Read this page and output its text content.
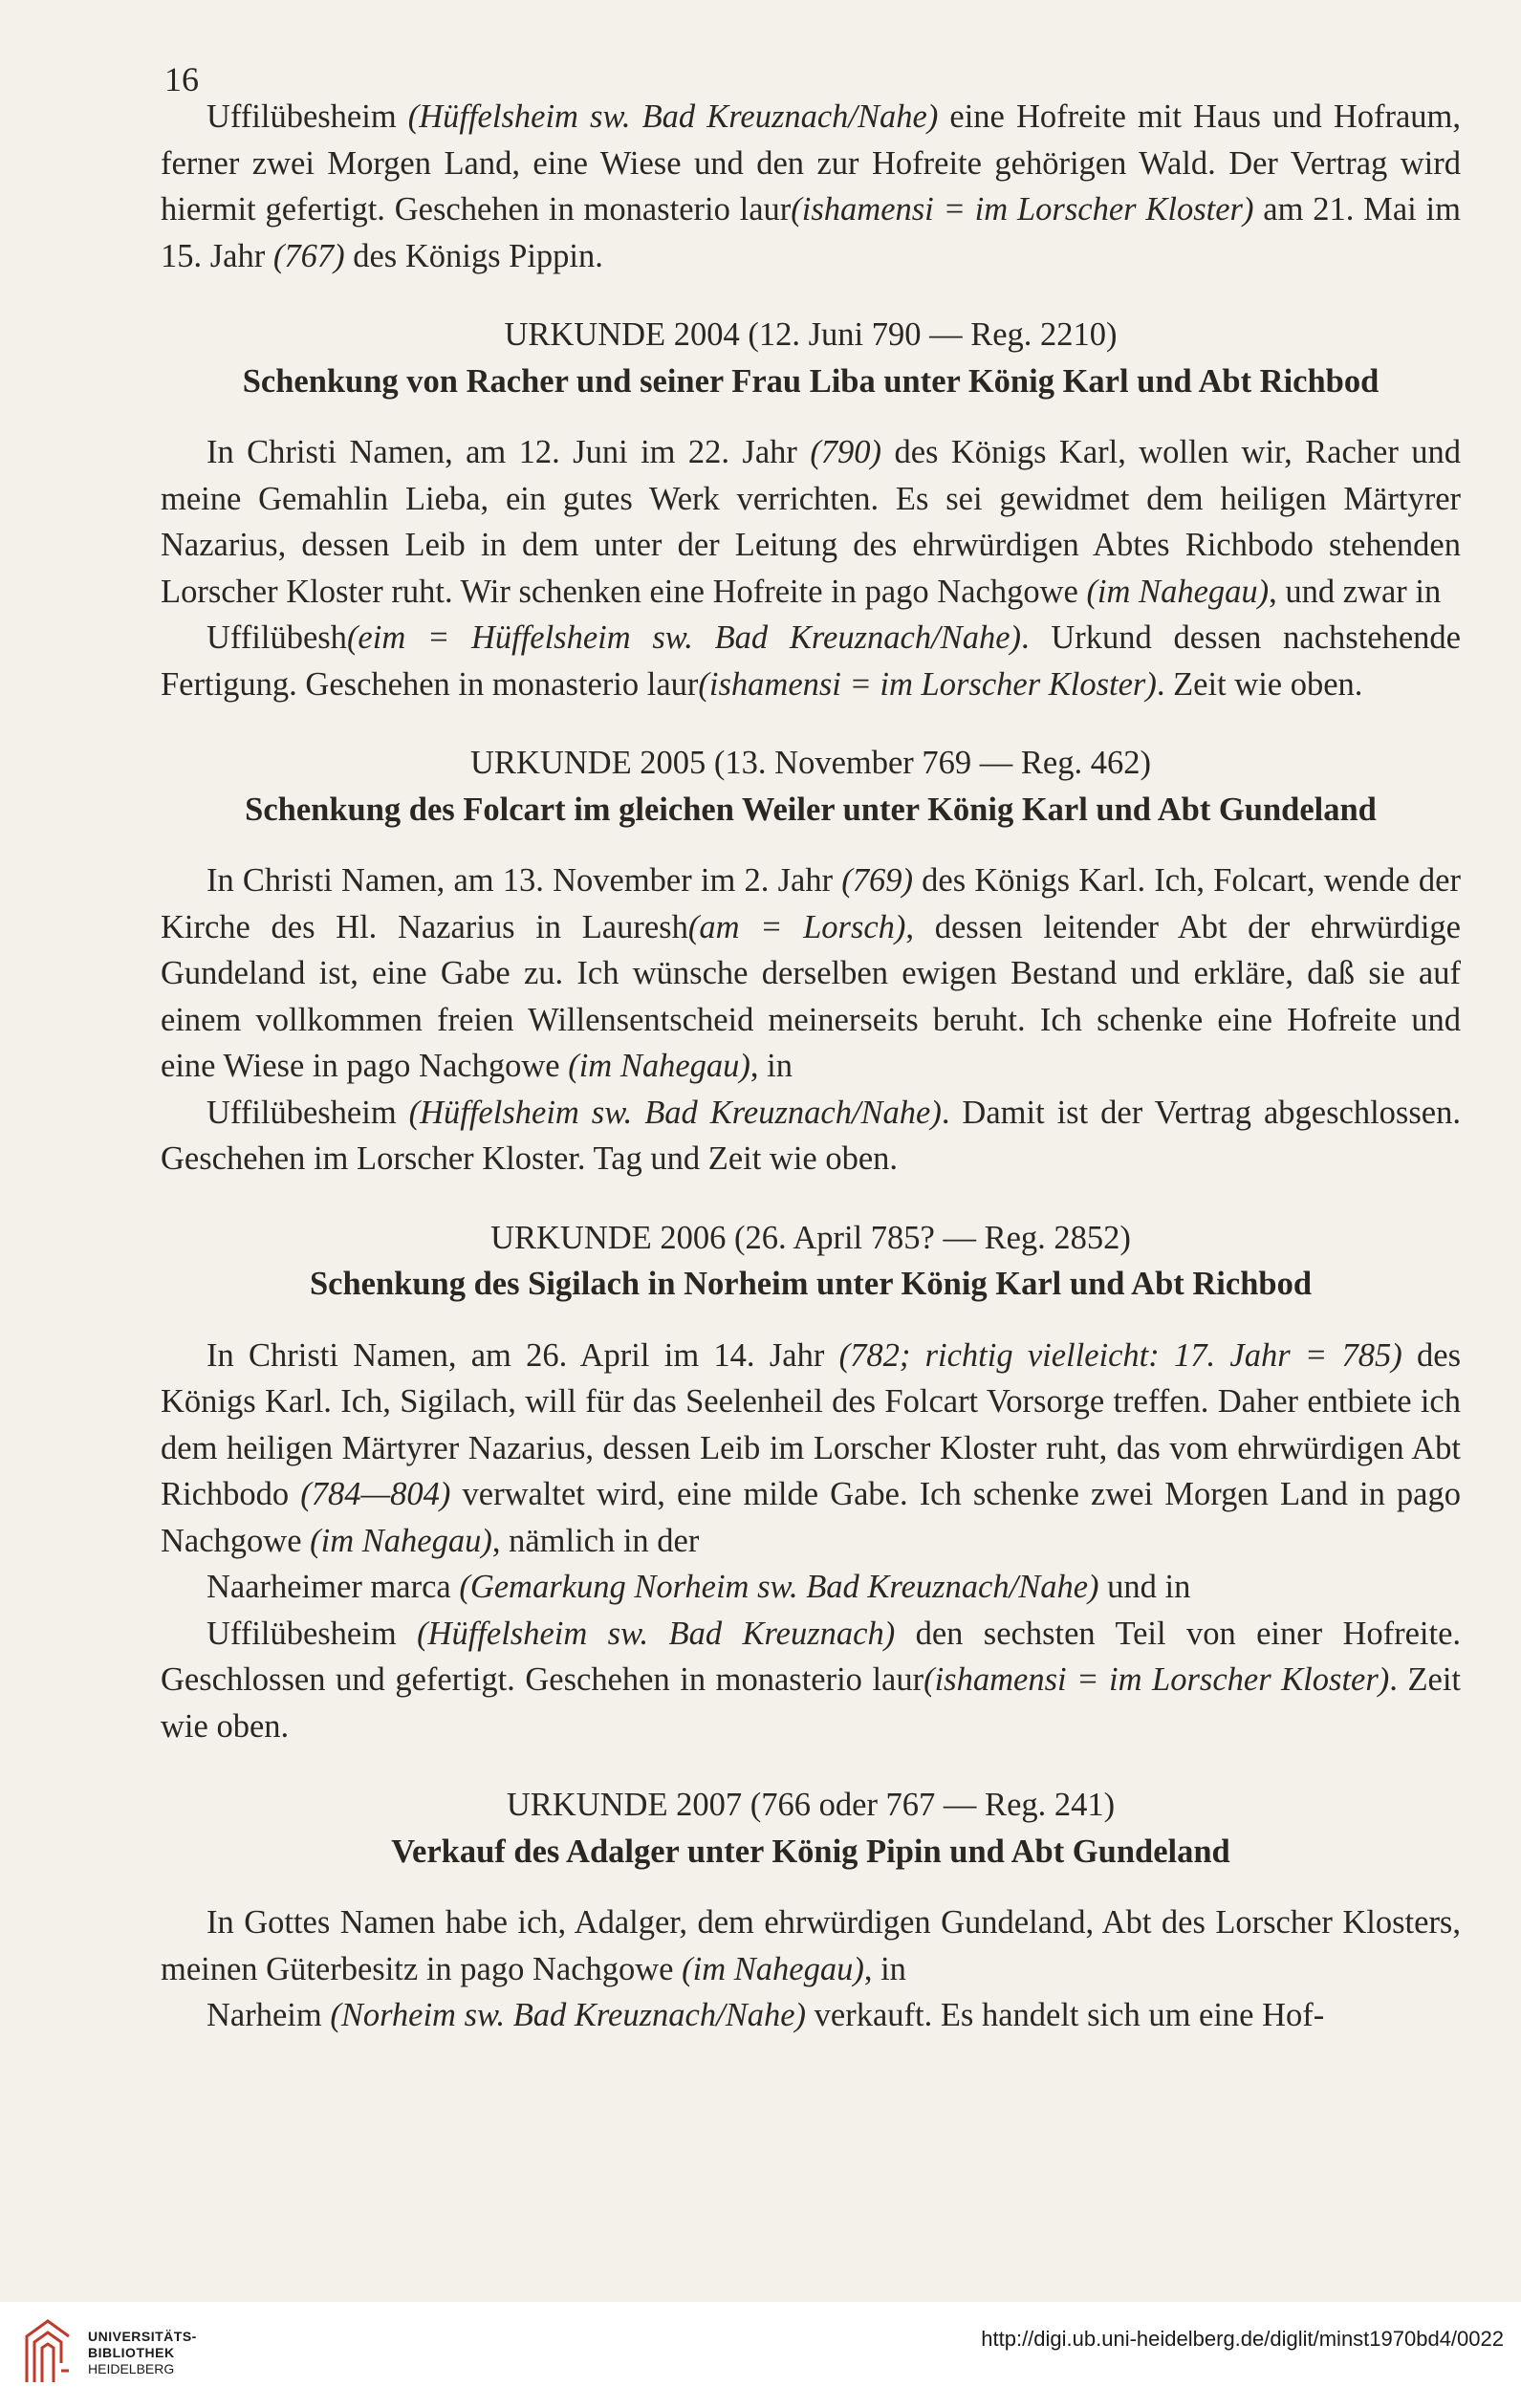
16

Uffilübesheim (Hüffelsheim sw. Bad Kreuznach/Nahe) eine Hofreite mit Haus und Hofraum, ferner zwei Morgen Land, eine Wiese und den zur Hofreite gehörigen Wald. Der Vertrag wird hiermit gefertigt. Geschehen in monasterio laur(ishamensi = im Lorscher Kloster) am 21. Mai im 15. Jahr (767) des Königs Pippin.

URKUNDE 2004 (12. Juni 790 — Reg. 2210)
Schenkung von Racher und seiner Frau Liba unter König Karl und Abt Richbod

In Christi Namen, am 12. Juni im 22. Jahr (790) des Königs Karl, wollen wir, Racher und meine Gemahlin Lieba, ein gutes Werk verrichten. Es sei gewidmet dem heiligen Märtyrer Nazarius, dessen Leib in dem unter der Leitung des ehrwürdigen Abtes Richbodo stehenden Lorscher Kloster ruht. Wir schenken eine Hofreite in pago Nachgowe (im Nahegau), und zwar in

Uffilübesh(eim = Hüffelsheim sw. Bad Kreuznach/Nahe). Urkund dessen nachstehende Fertigung. Geschehen in monasterio laur(ishamensi = im Lorscher Kloster). Zeit wie oben.

URKUNDE 2005 (13. November 769 — Reg. 462)
Schenkung des Folcart im gleichen Weiler unter König Karl und Abt Gundeland

In Christi Namen, am 13. November im 2. Jahr (769) des Königs Karl. Ich, Folcart, wende der Kirche des Hl. Nazarius in Lauresh(am = Lorsch), dessen leitender Abt der ehrwürdige Gundeland ist, eine Gabe zu. Ich wünsche derselben ewigen Bestand und erkläre, daß sie auf einem vollkommen freien Willensentscheid meinerseits beruht. Ich schenke eine Hofreite und eine Wiese in pago Nachgowe (im Nahegau), in

Uffilübesheim (Hüffelsheim sw. Bad Kreuznach/Nahe). Damit ist der Vertrag abgeschlossen. Geschehen im Lorscher Kloster. Tag und Zeit wie oben.

URKUNDE 2006 (26. April 785? — Reg. 2852)
Schenkung des Sigilach in Norheim unter König Karl und Abt Richbod

In Christi Namen, am 26. April im 14. Jahr (782; richtig vielleicht: 17. Jahr = 785) des Königs Karl. Ich, Sigilach, will für das Seelenheil des Folcart Vorsorge treffen. Daher entbiete ich dem heiligen Märtyrer Nazarius, dessen Leib im Lorscher Kloster ruht, das vom ehrwürdigen Abt Richbodo (784—804) verwaltet wird, eine milde Gabe. Ich schenke zwei Morgen Land in pago Nachgowe (im Nahegau), nämlich in der

Naarheimer marca (Gemarkung Norheim sw. Bad Kreuznach/Nahe) und in

Uffilübesheim (Hüffelsheim sw. Bad Kreuznach) den sechsten Teil von einer Hofreite. Geschlossen und gefertigt. Geschehen in monasterio laur(ishamensi = im Lorscher Kloster). Zeit wie oben.

URKUNDE 2007 (766 oder 767 — Reg. 241)
Verkauf des Adalger unter König Pipin und Abt Gundeland

In Gottes Namen habe ich, Adalger, dem ehrwürdigen Gundeland, Abt des Lorscher Klosters, meinen Güterbesitz in pago Nachgowe (im Nahegau), in

Narheim (Norheim sw. Bad Kreuznach/Nahe) verkauft. Es handelt sich um eine Hof-

UNIVERSITÄTS-
BIBLIOTHEK
HEIDELBERG
http://digi.ub.uni-heidelberg.de/diglit/minst1970bd4/0022
